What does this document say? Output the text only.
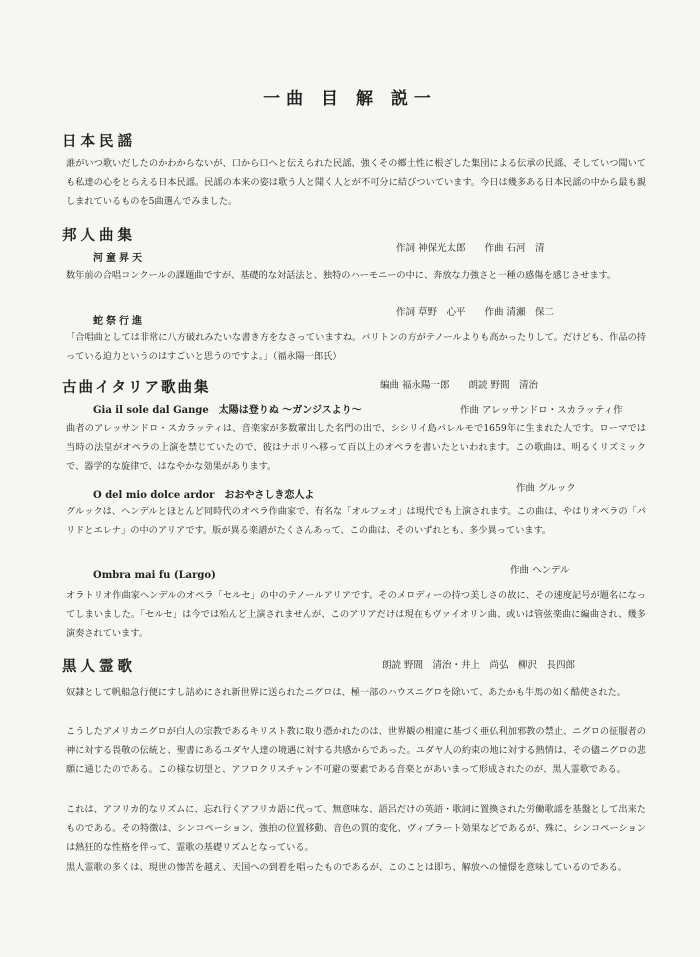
一曲 目 解 説一
日本民謡
誰がいつ歌いだしたのかわからないが、口から口へと伝えられた民謡、強くその郷土性に根ざした集団による伝承の民謡、そしていつ聞いても私達の心をとらえる日本民謡。民謡の本来の姿は歌う人と聞く人とが不可分に結びついています。今日は幾多ある日本民謡の中から最も親しまれているものを5曲選んでみました。
邦人曲集
河童昇天
作詞 神保光太郎　　作曲 石河　清
数年前の合唱コンクールの課題曲ですが、基礎的な対話法と、独特のハーモニーの中に、奔放な力強さと一種の感傷を感じさせます。
蛇祭行進
作詞 草野　心平　　作曲 清瀬　保二
「合唱曲としては非常に八方破れみたいな書き方をなさっていますね。バリトンの方がテノールよりも高かったりして。だけども、作品の持っている迫力というのはすごいと思うのですよ。」（福永陽一郎氏）
古曲イタリア歌曲集	編曲 福永陽一郎　　朗読 野間　清治
Gia il sole dal Gange　太陽は登りぬ ～ガンジスより～	作曲 アレッサンドロ・スカラッティ作
曲者のアレッサンドロ・スカラッティは、音楽家が多数輩出した名門の出で、シシリイ島パレルモで1659年に生まれた人です。ローマでは当時の法皇がオペラの上演を禁じていたので、彼はナポリへ移って百以上のオペラを書いたといわれます。この歌曲は、明るくリズミックで、器学的な旋律で、はなやかな効果があります。
O del mio dolce ardor　おおやさしき恋人よ
作曲 グルック
グルックは、ヘンデルとほとんど同時代のオペラ作曲家で、有名な「オルフェオ」は現代でも上演されます。この曲は、やはりオペラの「パリドとエレナ」の中のアリアです。版が異る楽譜がたくさんあって、この曲は、そのいずれとも、多少異っています。
Ombra mai fu (Largo)	作曲 ヘンデル
オラトリオ作曲家ヘンデルのオペラ「セルセ」の中のテノールアリアです。そのメロディーの持つ美しさの故に、その速度記号が題名になってしまいました。「セルセ」は今では殆んど上演されませんが、このアリアだけは現在もヴァイオリン曲、或いは管弦楽曲に編曲され、幾多演奏されています。
黒人霊歌	朗読 野間　清治・井上　尚弘　柳沢　長四郎
奴隷として帆船急行便にすし詰めにされ新世界に送られたニグロは、極一部のハウスニグロを除いて、あたかも牛馬の如く酷使された。
こうしたアメリカニグロが白人の宗教であるキリスト教に取り憑かれたのは、世界観の相違に基づく亜仏利加邪教の禁止、ニグロの征服者の神に対する畏敬の伝統と、聖書にあるユダヤ人達の境遇に対する共感からであった。ユダヤ人の約束の地に対する熱情は、その儘ニグロの悲願に通じたのである。この様な切望と、アフロクリスチャン不可避の要素である音楽とがあいまって形成されたのが、黒人霊歌である。
これは、アフリカ的なリズムに、忘れ行くアフリカ語に代って、無意味な、語呂だけの英語・歌詞に置換された労働歌謡を基盤として出来たものである。その特徴は、シンコペーション、強拍の位置移動、音色の質的変化、ヴィブラート効果などであるが、殊に、シンコペーションは熱狂的な性格を伴って、霊歌の基礎リズムとなっている。
黒人霊歌の多くは、現世の惨苦を越え、天国への到着を唱ったものであるが、このことは即ち、解放への憧憬を意味しているのである。
